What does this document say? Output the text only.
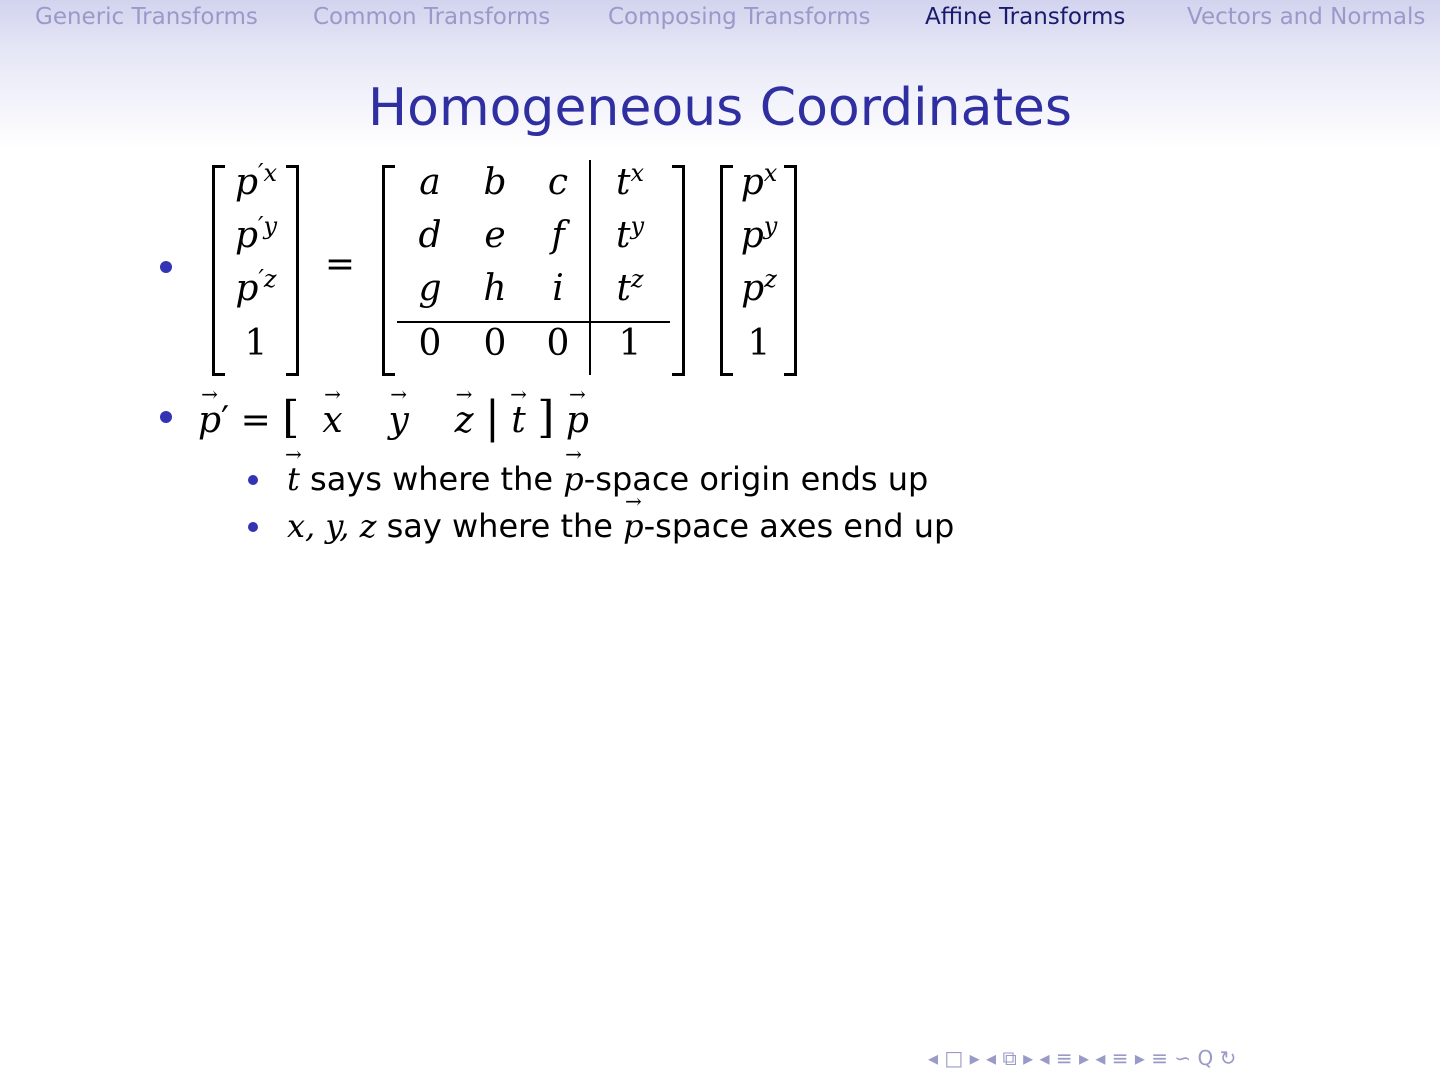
Generic Transforms Common Transforms	Composing Transforms Affine Transforms	Vectors and Normals
Homogeneous Coordinates
$p^{'x}$
$p^{'y}$
$p^{'z}$
1
=
a b c	$t^x$
d e	f	$t^y$
g h	i	$t^z$
0 0 0	1
$p^x$
$p^y$
$p^z$
1
→ p′ = [ → x → y → z | → t ] → p
→ t says where the → p-space origin ends up
x, y, z say where the → p-space axes end up
◂ □ ▸ ◂ ⧉ ▸ ◂ ≡ ▸ ◂ ≡ ▸ ≡ ∽ Q ↻
